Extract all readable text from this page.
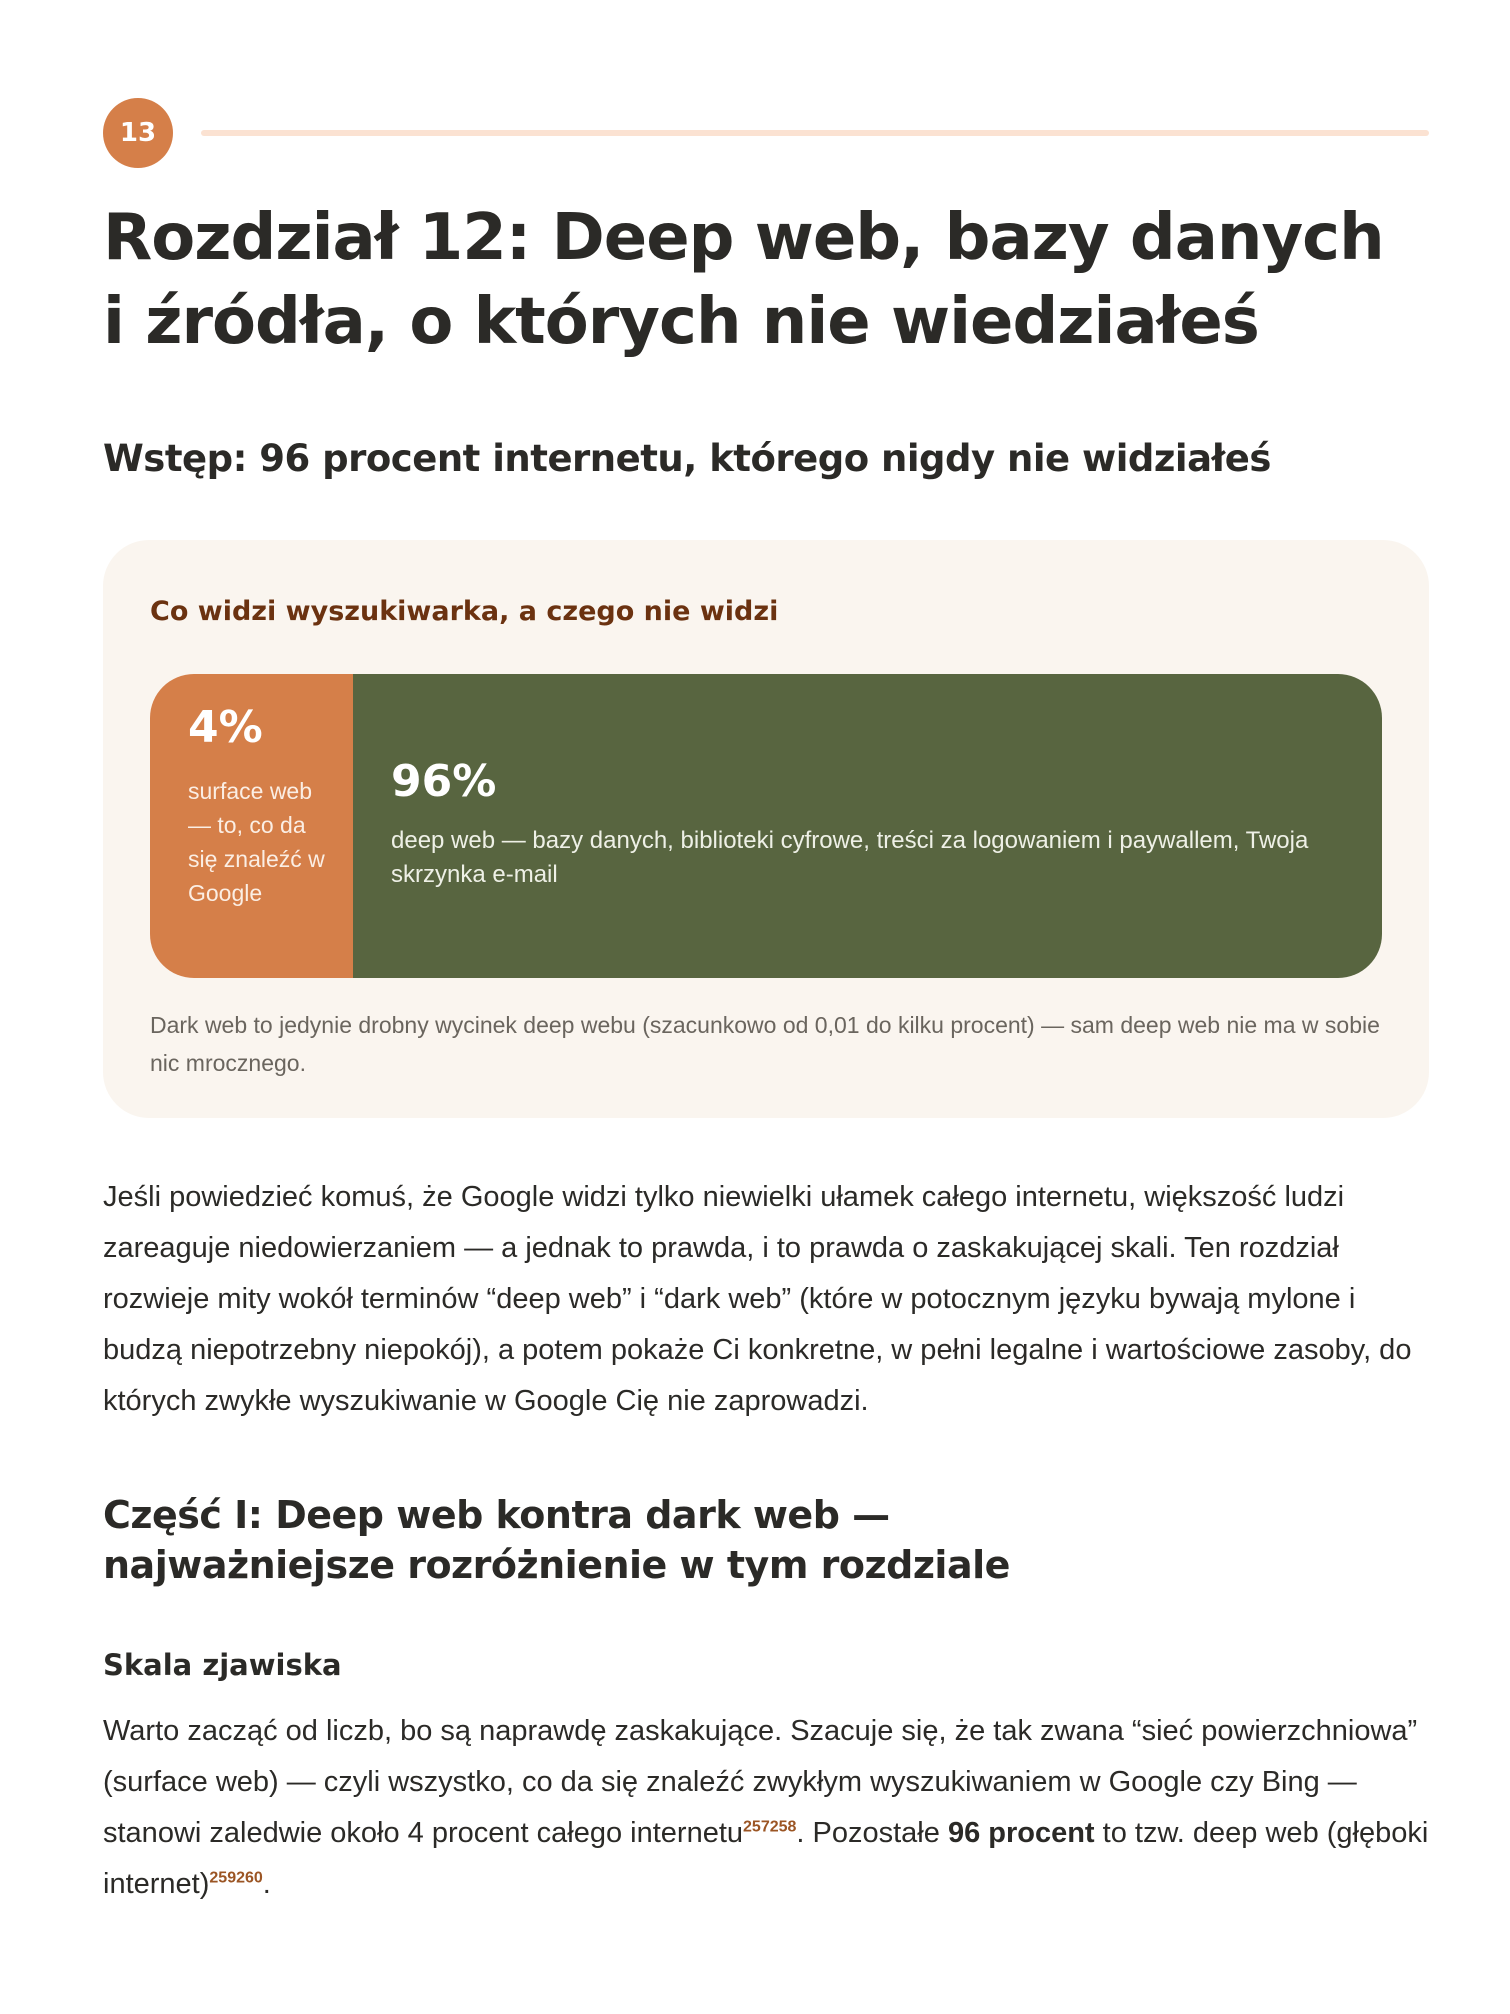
13
Rozdział 12: Deep web, bazy danych
i źródła, o których nie wiedziałeś
Wstęp: 96 procent internetu, którego nigdy nie widziałeś
Co widzi wyszukiwarka, a czego nie widzi
4%
surface web — to, co da się znaleźć w Google
96%
deep web — bazy danych, biblioteki cyfrowe, treści za logowaniem i paywallem, Twoja skrzynka e-mail
Dark web to jedynie drobny wycinek deep webu (szacunkowo od 0,01 do kilku procent) — sam deep web nie ma w sobie nic mrocznego.

Jeśli powiedzieć komuś, że Google widzi tylko niewielki ułamek całego internetu, większość ludzi zareaguje niedowierzaniem — a jednak to prawda, i to prawda o zaskakującej skali. Ten rozdział rozwieje mity wokół terminów “deep web” i “dark web” (które w potocznym języku bywają mylone i budzą niepotrzebny niepokój), a potem pokaże Ci konkretne, w pełni legalne i wartościowe zasoby, do których zwykłe wyszukiwanie w Google Cię nie zaprowadzi.

Część I: Deep web kontra dark web —
najważniejsze rozróżnienie w tym rozdziale
Skala zjawiska

Warto zacząć od liczb, bo są naprawdę zaskakujące. Szacuje się, że tak zwana “sieć powierzchniowa” (surface web) — czyli wszystko, co da się znaleźć zwykłym wyszukiwaniem w Google czy Bing — stanowi zaledwie około 4 procent całego internetu$^{257258}$. Pozostałe 96 procent to tzw. deep web (głęboki internet)$^{259260}$.
